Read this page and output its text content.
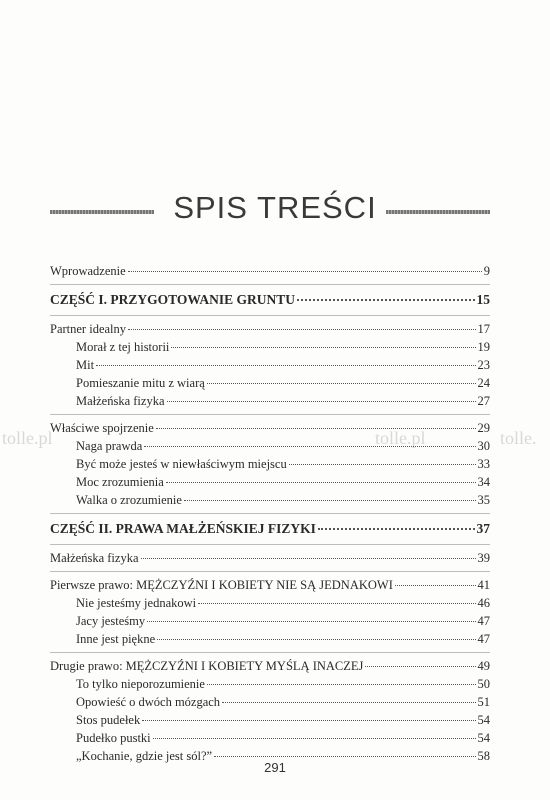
SPIS TREŚCI
tolle.pl	tolle.pl	tolle.
Wprowadzenie	9
CZĘŚĆ I. PRZYGOTOWANIE GRUNTU	15
Partner idealny	17
Morał z tej historii	19
Mit	23
Pomieszanie mitu z wiarą	24
Małżeńska fizyka	27
Właściwe spojrzenie	29
Naga prawda	30
Być może jesteś w niewłaściwym miejscu	33
Moc zrozumienia	34
Walka o zrozumienie	35
CZĘŚĆ II. PRAWA MAŁŻEŃSKIEJ FIZYKI	37
Małżeńska fizyka	39
Pierwsze prawo: MĘŻCZYŹNI I KOBIETY NIE SĄ JEDNAKOWI	41
Nie jesteśmy jednakowi	46
Jacy jesteśmy	47
Inne jest piękne	47
Drugie prawo: MĘŻCZYŹNI I KOBIETY MYŚLĄ INACZEJ	49
To tylko nieporozumienie	50
Opowieść o dwóch mózgach	51
Stos pudełek	54
Pudełko pustki	54
„Kochanie, gdzie jest sól?”	58
291
